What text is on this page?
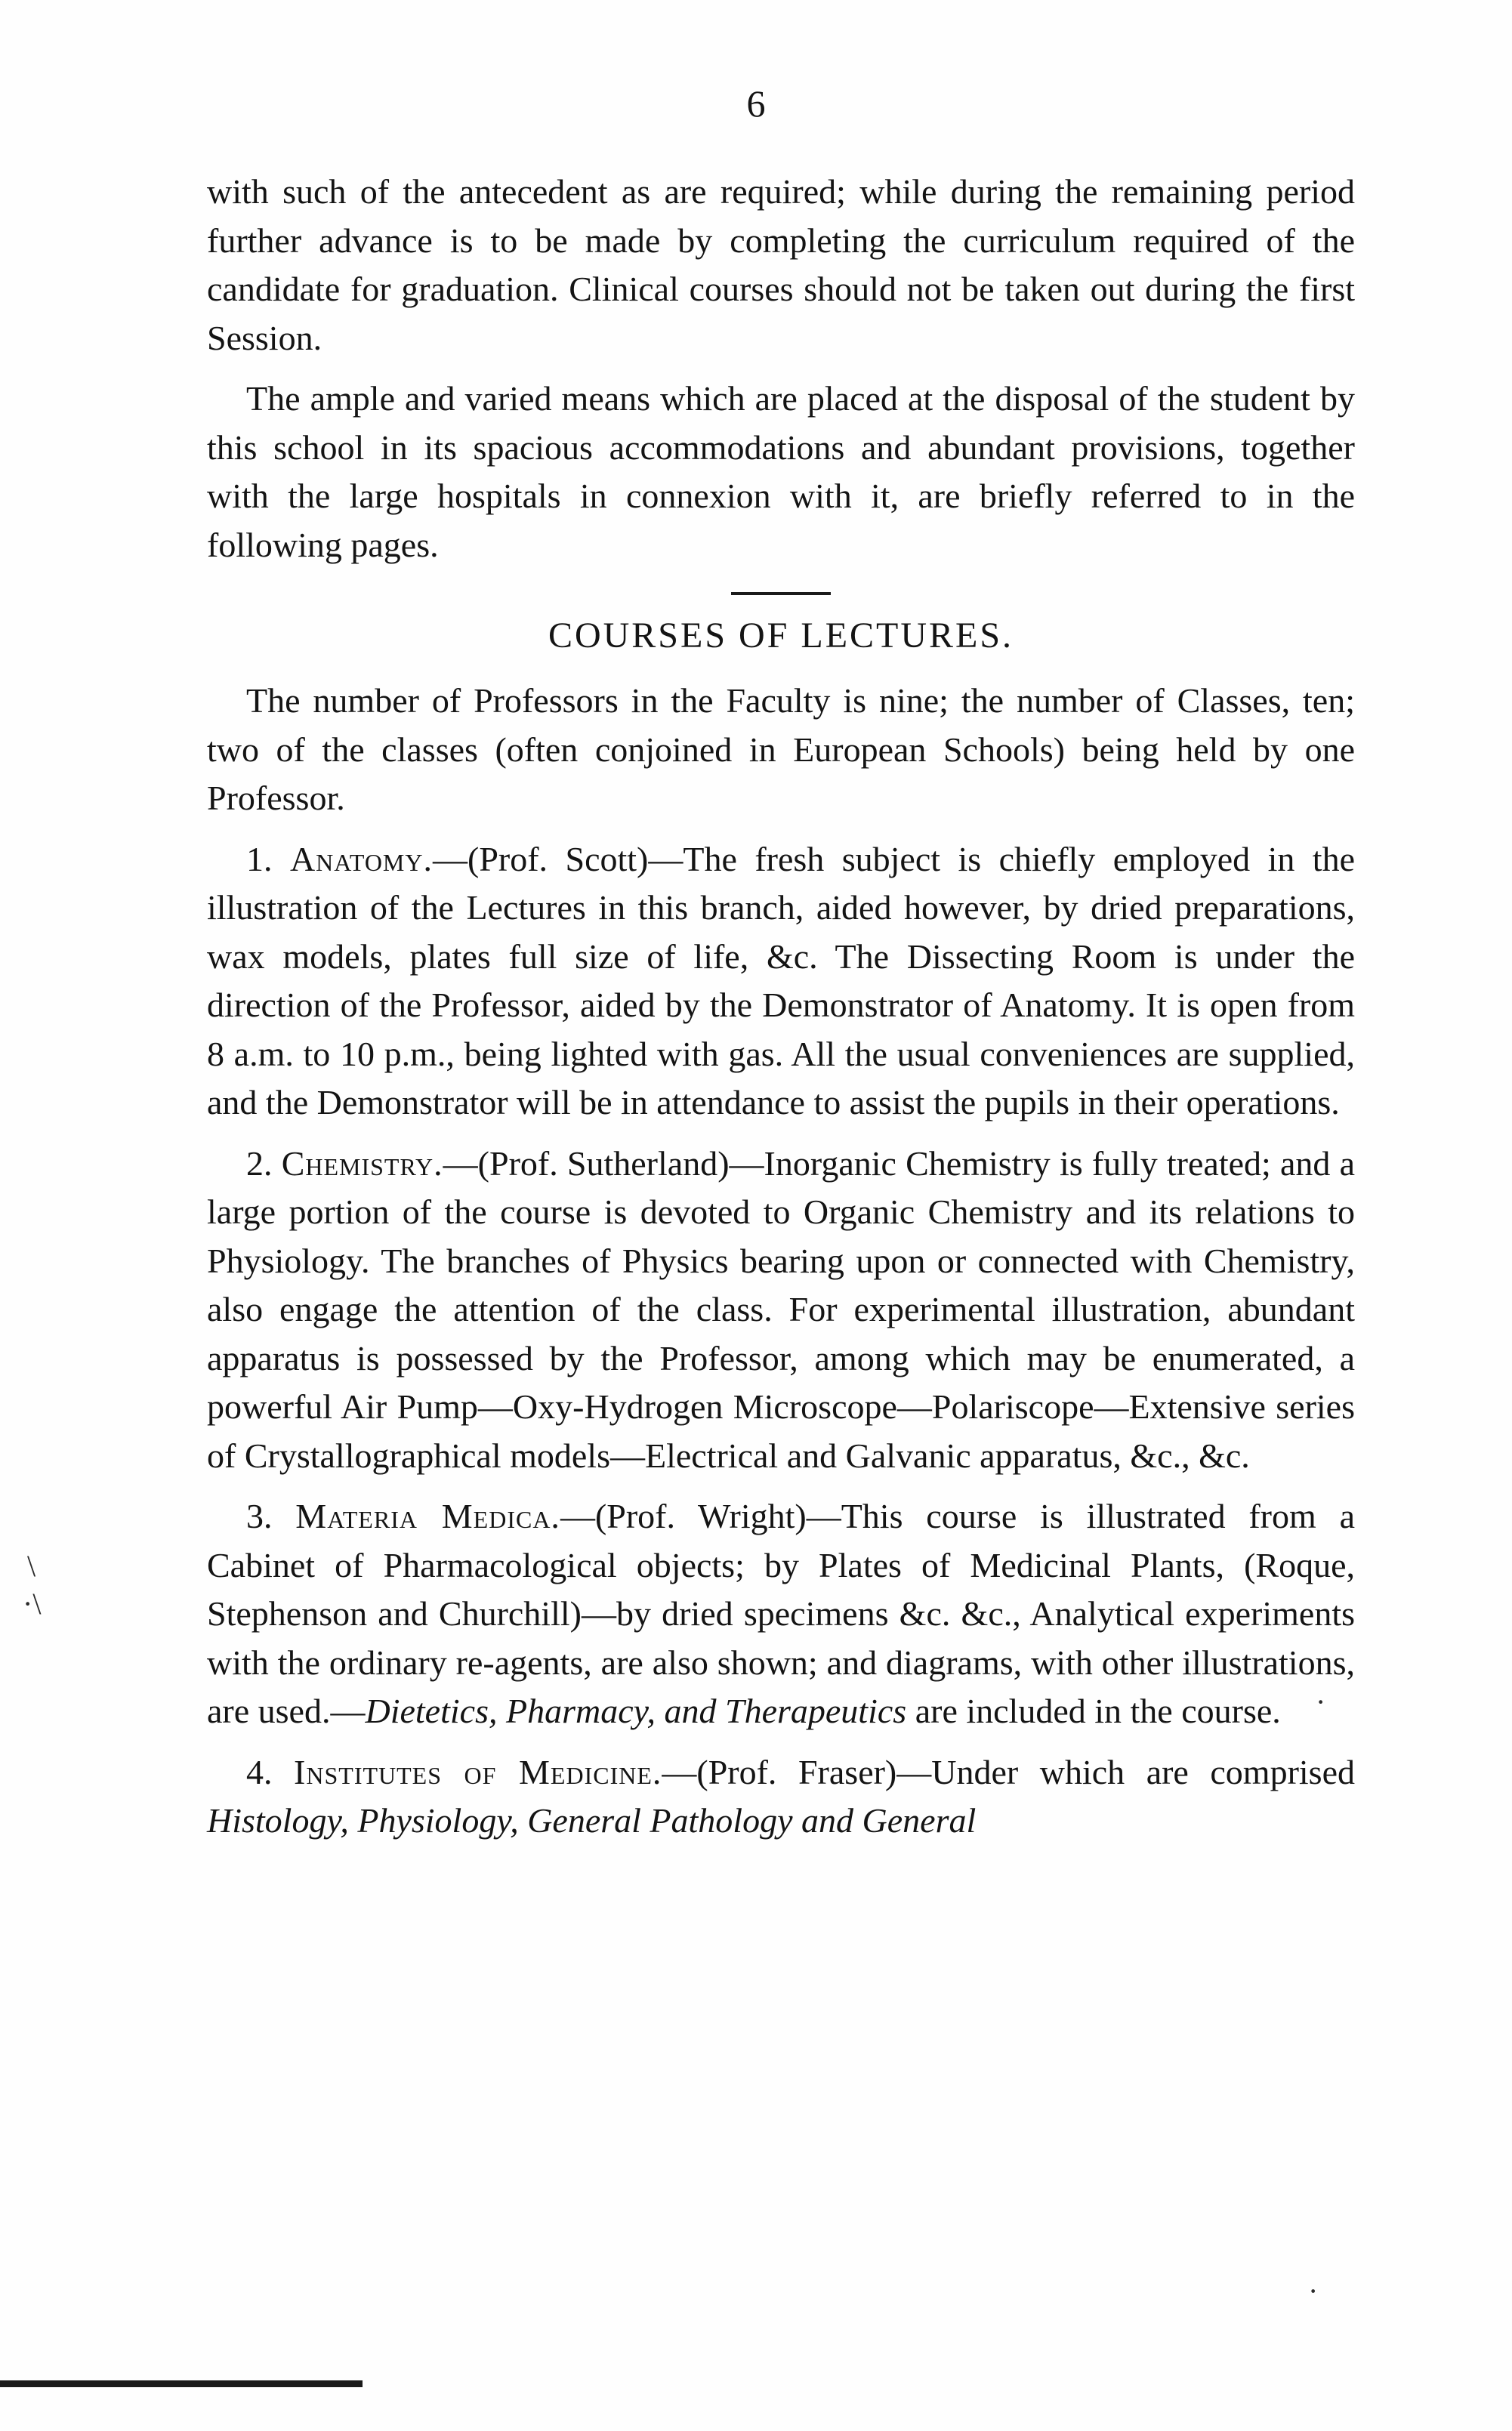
6
\
·\
·

with such of the antecedent as are required; while during the remaining period further advance is to be made by completing the curriculum required of the candidate for graduation. Clinical courses should not be taken out during the first Session.

The ample and varied means which are placed at the disposal of the student by this school in its spacious accommodations and abundant provisions, together with the large hospitals in connexion with it, are briefly referred to in the following pages.

COURSES OF LECTURES.

The number of Professors in the Faculty is nine; the number of Classes, ten; two of the classes (often conjoined in European Schools) being held by one Professor.

1. Anatomy.—(Prof. Scott)—The fresh subject is chiefly employed in the illustration of the Lectures in this branch, aided however, by dried preparations, wax models, plates full size of life, &c. The Dissecting Room is under the direction of the Professor, aided by the Demonstrator of Anatomy. It is open from 8 a.m. to 10 p.m., being lighted with gas. All the usual conveniences are supplied, and the Demonstrator will be in attendance to assist the pupils in their operations.

2. Chemistry.—(Prof. Sutherland)—Inorganic Chemistry is fully treated; and a large portion of the course is devoted to Organic Chemistry and its relations to Physiology. The branches of Physics bearing upon or connected with Chemistry, also engage the attention of the class. For experimental illustration, abundant apparatus is possessed by the Professor, among which may be enumerated, a powerful Air Pump—Oxy-Hydrogen Microscope—Polariscope—Extensive series of Crystallographical models—Electrical and Galvanic apparatus, &c., &c.

3. Materia Medica.—(Prof. Wright)—This course is illustrated from a Cabinet of Pharmacological objects; by Plates of Medicinal Plants, (Roque, Stephenson and Churchill)—by dried specimens &c. &c., Analytical experiments with the ordinary re-agents, are also shown; and diagrams, with other illustrations, are used.—Dietetics, Pharmacy, and Therapeutics are included in the course.

4. Institutes of Medicine.—(Prof. Fraser)—Under which are comprised Histology, Physiology, General Pathology and General

·
